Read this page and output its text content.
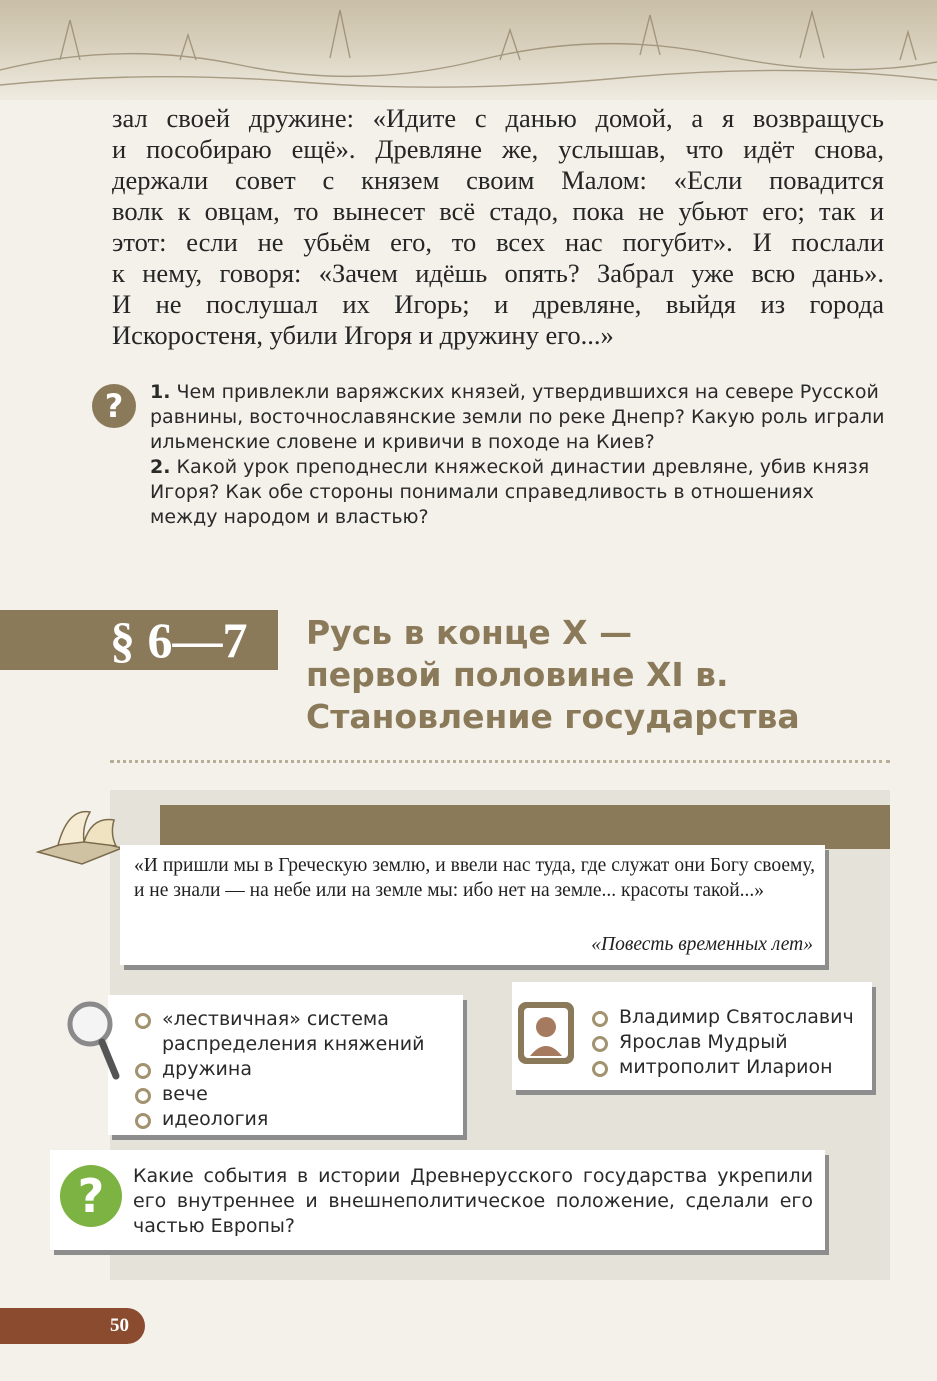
зал своей дружине: «Идите с данью домой, а я возвращусь
и пособираю ещё». Древляне же, услышав, что идёт снова,
держали совет с князем своим Малом: «Если повадится
волк к овцам, то вынесет всё стадо, пока не убьют его; так и
этот: если не убьём его, то всех нас погубит». И послали
к нему, говоря: «Зачем идёшь опять? Забрал уже всю дань».
И не послушал их Игорь; и древляне, выйдя из города
Искоростеня, убили Игоря и дружину его...»
?	1. Чем привлекли варяжских князей, утвердившихся на севере Русской равнины, восточнославянские земли по реке Днепр? Какую роль играли ильменские словене и кривичи в походе на Киев?

2. Какой урок преподнесли княжеской династии древляне, убив князя Игоря? Как обе стороны понимали справедливость в отношениях между народом и властью?

§ 6—7	Русь в конце X —
первой половине XI в.
Становление государства
«И пришли мы в Греческую землю, и ввели нас туда, где служат они Богу своему, и не знали — на небе или на земле мы: ибо нет на земле... красоты такой...»
«Повесть временных лет»
«лествичная» система распределения княжений
дружина
вече
идеология
Владимир Святославич
Ярослав Мудрый
митрополит Иларион
?	Какие события в истории Древнерусского государства укрепили его внутреннее и внешнеполитическое положение, сделали его частью Европы?
50
